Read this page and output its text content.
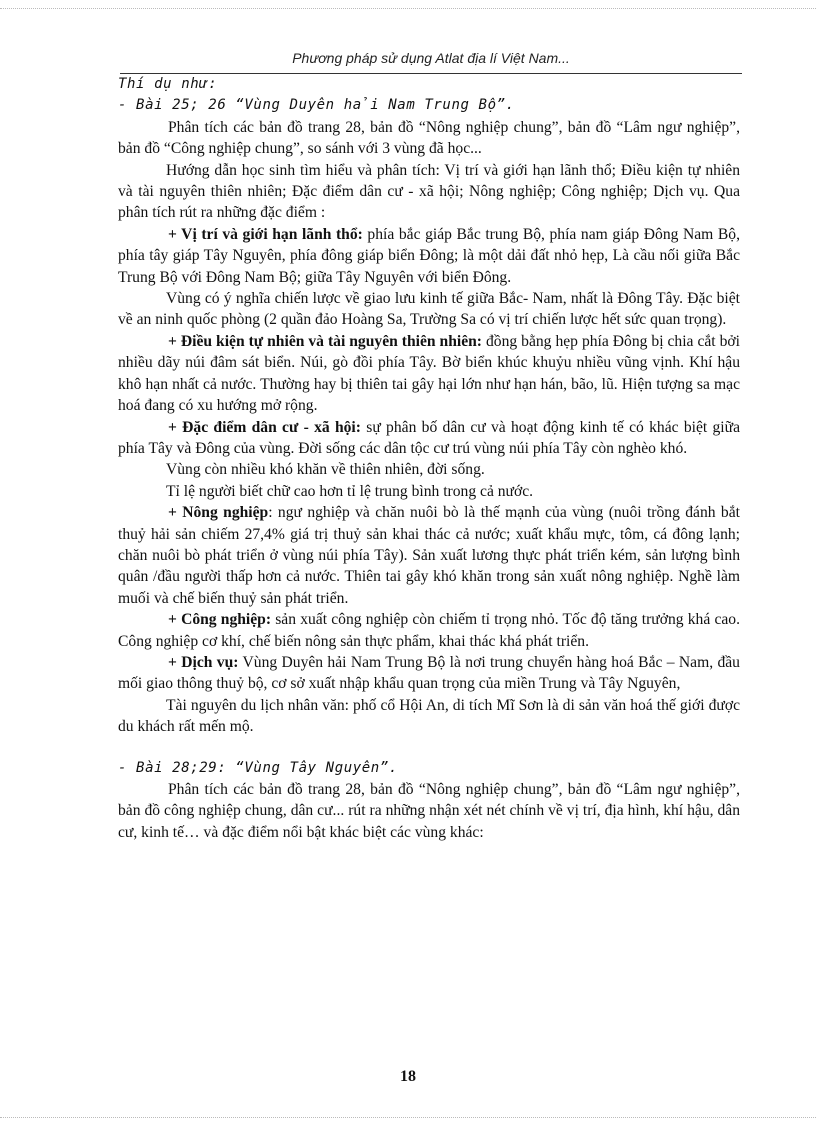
Phương pháp sử dụng Atlat địa lí Việt Nam...

Thí dụ như:

- Bài 25; 26 “Vùng Duyên hải Nam Trung Bộ”.

Phân tích các bản đồ trang 28, bản đồ “Nông nghiệp chung”, bản đồ “Lâm ngư nghiệp”, bản đồ “Công nghiệp chung”, so sánh với 3 vùng đã học...

Hướng dẫn học sinh tìm hiểu và phân tích: Vị trí và giới hạn lãnh thổ; Điều kiện tự nhiên và tài nguyên thiên nhiên; Đặc điểm dân cư - xã hội; Nông nghiệp; Công nghiệp; Dịch vụ. Qua phân tích rút ra những đặc điểm :

+ Vị trí và giới hạn lãnh thổ: phía bắc giáp Bắc trung Bộ, phía nam giáp Đông Nam Bộ, phía tây giáp Tây Nguyên, phía đông giáp biển Đông; là một dải đất nhỏ hẹp, Là cầu nối giữa Bắc Trung Bộ với Đông Nam Bộ; giữa Tây Nguyên với biển Đông.

Vùng có ý nghĩa chiến lược về giao lưu kinh tế giữa Bắc- Nam, nhất là Đông Tây. Đặc biệt về an ninh quốc phòng (2 quần đảo Hoàng Sa, Trường Sa có vị trí chiến lược hết sức quan trọng).

+ Điều kiện tự nhiên và tài nguyên thiên nhiên: đồng bằng hẹp phía Đông bị chia cắt bởi nhiều dãy núi đâm sát biển. Núi, gò đồi phía Tây. Bờ biển khúc khuỷu nhiều vũng vịnh. Khí hậu khô hạn nhất cả nước. Thường hay bị thiên tai gây hại lớn như hạn hán, bão, lũ. Hiện tượng sa mạc hoá đang có xu hướng mở rộng.

+ Đặc điểm dân cư - xã hội: sự phân bố dân cư và hoạt động kinh tế có khác biệt giữa phía Tây và Đông của vùng. Đời sống các dân tộc cư trú vùng núi phía Tây còn nghèo khó.

Vùng còn nhiều khó khăn về thiên nhiên, đời sống.

Tỉ lệ người biết chữ cao hơn tỉ lệ trung bình trong cả nước.

+ Nông nghiệp: ngư nghiệp và chăn nuôi bò là thế mạnh của vùng (nuôi trồng đánh bắt thuỷ hải sản chiếm 27,4% giá trị thuỷ sản khai thác cả nước; xuất khẩu mực, tôm, cá đông lạnh; chăn nuôi bò phát triển ở vùng núi phía Tây). Sản xuất lương thực phát triển kém, sản lượng bình quân /đầu người thấp hơn cả nước. Thiên tai gây khó khăn trong sản xuất nông nghiệp. Nghề làm muối và chế biến thuỷ sản phát triển.

+ Công nghiệp: sản xuất công nghiệp còn chiếm tỉ trọng nhỏ. Tốc độ tăng trưởng khá cao. Công nghiệp cơ khí, chế biến nông sản thực phẩm, khai thác khá phát triển.

+ Dịch vụ: Vùng Duyên hải Nam Trung Bộ là nơi trung chuyển hàng hoá Bắc – Nam, đầu mối giao thông thuỷ bộ, cơ sở xuất nhập khẩu quan trọng của miền Trung và Tây Nguyên,

Tài nguyên du lịch nhân văn: phố cổ Hội An, di tích Mĩ Sơn là di sản văn hoá thế giới được du khách rất mến mộ.

- Bài 28;29: “Vùng Tây Nguyên”.

Phân tích các bản đồ trang 28, bản đồ “Nông nghiệp chung”, bản đồ “Lâm ngư nghiệp”, bản đồ công nghiệp chung, dân cư... rút ra những nhận xét nét chính về vị trí, địa hình, khí hậu, dân cư, kinh tế… và đặc điểm nổi bật khác biệt các vùng khác:

18
